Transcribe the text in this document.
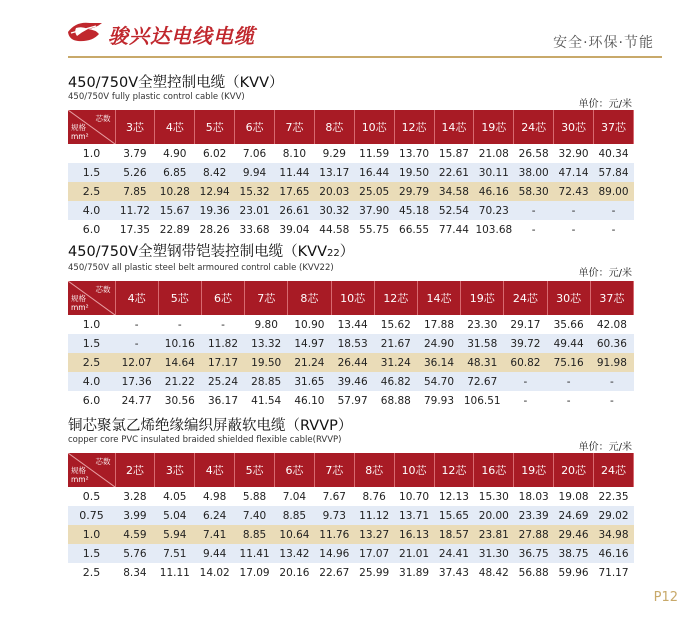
骏兴达电线电缆	安全·环保·节能
450/750V全塑控制电缆（KVV）
450/750V fully plastic control cable (KVV)
单价：元/米
芯数
规格
mm²	3芯	4芯	5芯	6芯	7芯	8芯	10芯	12芯	14芯	19芯	24芯	30芯	37芯
1.0	3.79	4.90	6.02	7.06	8.10	9.29	11.59	13.70	15.87	21.08	26.58	32.90	40.34
1.5	5.26	6.85	8.42	9.94	11.44	13.17	16.44	19.50	22.61	30.11	38.00	47.14	57.84
2.5	7.85	10.28	12.94	15.32	17.65	20.03	25.05	29.79	34.58	46.16	58.30	72.43	89.00
4.0	11.72	15.67	19.36	23.01	26.61	30.32	37.90	45.18	52.54	70.23	-	-	-
6.0	17.35	22.89	28.26	33.68	39.04	44.58	55.75	66.55	77.44	103.68	-	-	-
450/750V全塑钢带铠装控制电缆（KVV22）
450/750V all plastic steel belt armoured control cable (KVV22)	单价：元/米
芯数
规格
mm²	4芯	5芯	6芯	7芯	8芯	10芯	12芯	14芯	19芯	24芯	30芯	37芯
1.0	-	-	-	9.80	10.90	13.44	15.62	17.88	23.30	29.17	35.66	42.08
1.5	-	10.16	11.82	13.32	14.97	18.53	21.67	24.90	31.58	39.72	49.44	60.36
2.5	12.07	14.64	17.17	19.50	21.24	26.44	31.24	36.14	48.31	60.82	75.16	91.98
4.0	17.36	21.22	25.24	28.85	31.65	39.46	46.82	54.70	72.67	-	-	-
6.0	24.77	30.56	36.17	41.54	46.10	57.97	68.88	79.93	106.51	-	-	-
铜芯聚氯乙烯绝缘编织屏蔽软电缆（RVVP）
copper core PVC insulated braided shielded flexible cable(RVVP)
单价：元/米
芯数
规格
mm²	2芯	3芯	4芯	5芯	6芯	7芯	8芯	10芯	12芯	16芯	19芯	20芯	24芯
0.5	3.28	4.05	4.98	5.88	7.04	7.67	8.76	10.70	12.13	15.30	18.03	19.08	22.35
0.75	3.99	5.04	6.24	7.40	8.85	9.73	11.12	13.71	15.65	20.00	23.39	24.69	29.02
1.0	4.59	5.94	7.41	8.85	10.64	11.76	13.27	16.13	18.57	23.81	27.88	29.46	34.98
1.5	5.76	7.51	9.44	11.41	13.42	14.96	17.07	21.01	24.41	31.30	36.75	38.75	46.16
2.5	8.34	11.11	14.02	17.09	20.16	22.67	25.99	31.89	37.43	48.42	56.88	59.96	71.17
P12
